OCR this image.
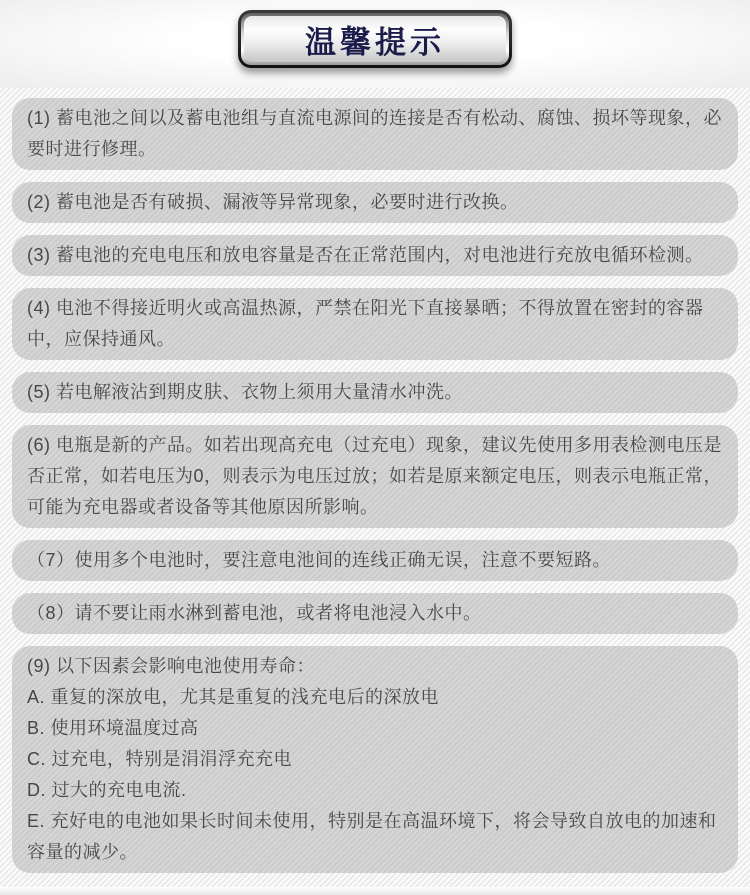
温馨提示
(1) 蓄电池之间以及蓄电池组与直流电源间的连接是否有松动、腐蚀、损坏等现象，必要时进行修理。
(2) 蓄电池是否有破损、漏液等异常现象，必要时进行改换。
(3) 蓄电池的充电电压和放电容量是否在正常范围内，对电池进行充放电循环检测。
(4) 电池不得接近明火或高温热源，严禁在阳光下直接暴晒；不得放置在密封的容器中，应保持通风。
(5) 若电解液沾到期皮肤、衣物上须用大量清水冲洗。
(6) 电瓶是新的产品。如若出现高充电（过充电）现象，建议先使用多用表检测电压是否正常，如若电压为0，则表示为电压过放；如若是原来额定电压，则表示电瓶正常，可能为充电器或者设备等其他原因所影响。
（7）使用多个电池时，要注意电池间的连线正确无误，注意不要短路。
（8）请不要让雨水淋到蓄电池，或者将电池浸入水中。
(9) 以下因素会影响电池使用寿命：
A. 重复的深放电，尤其是重复的浅充电后的深放电
B. 使用环境温度过高
C. 过充电，特别是涓涓浮充充电
D. 过大的充电电流.
E. 充好电的电池如果长时间未使用，特别是在高温环境下，将会导致自放电的加速和容量的减少。
